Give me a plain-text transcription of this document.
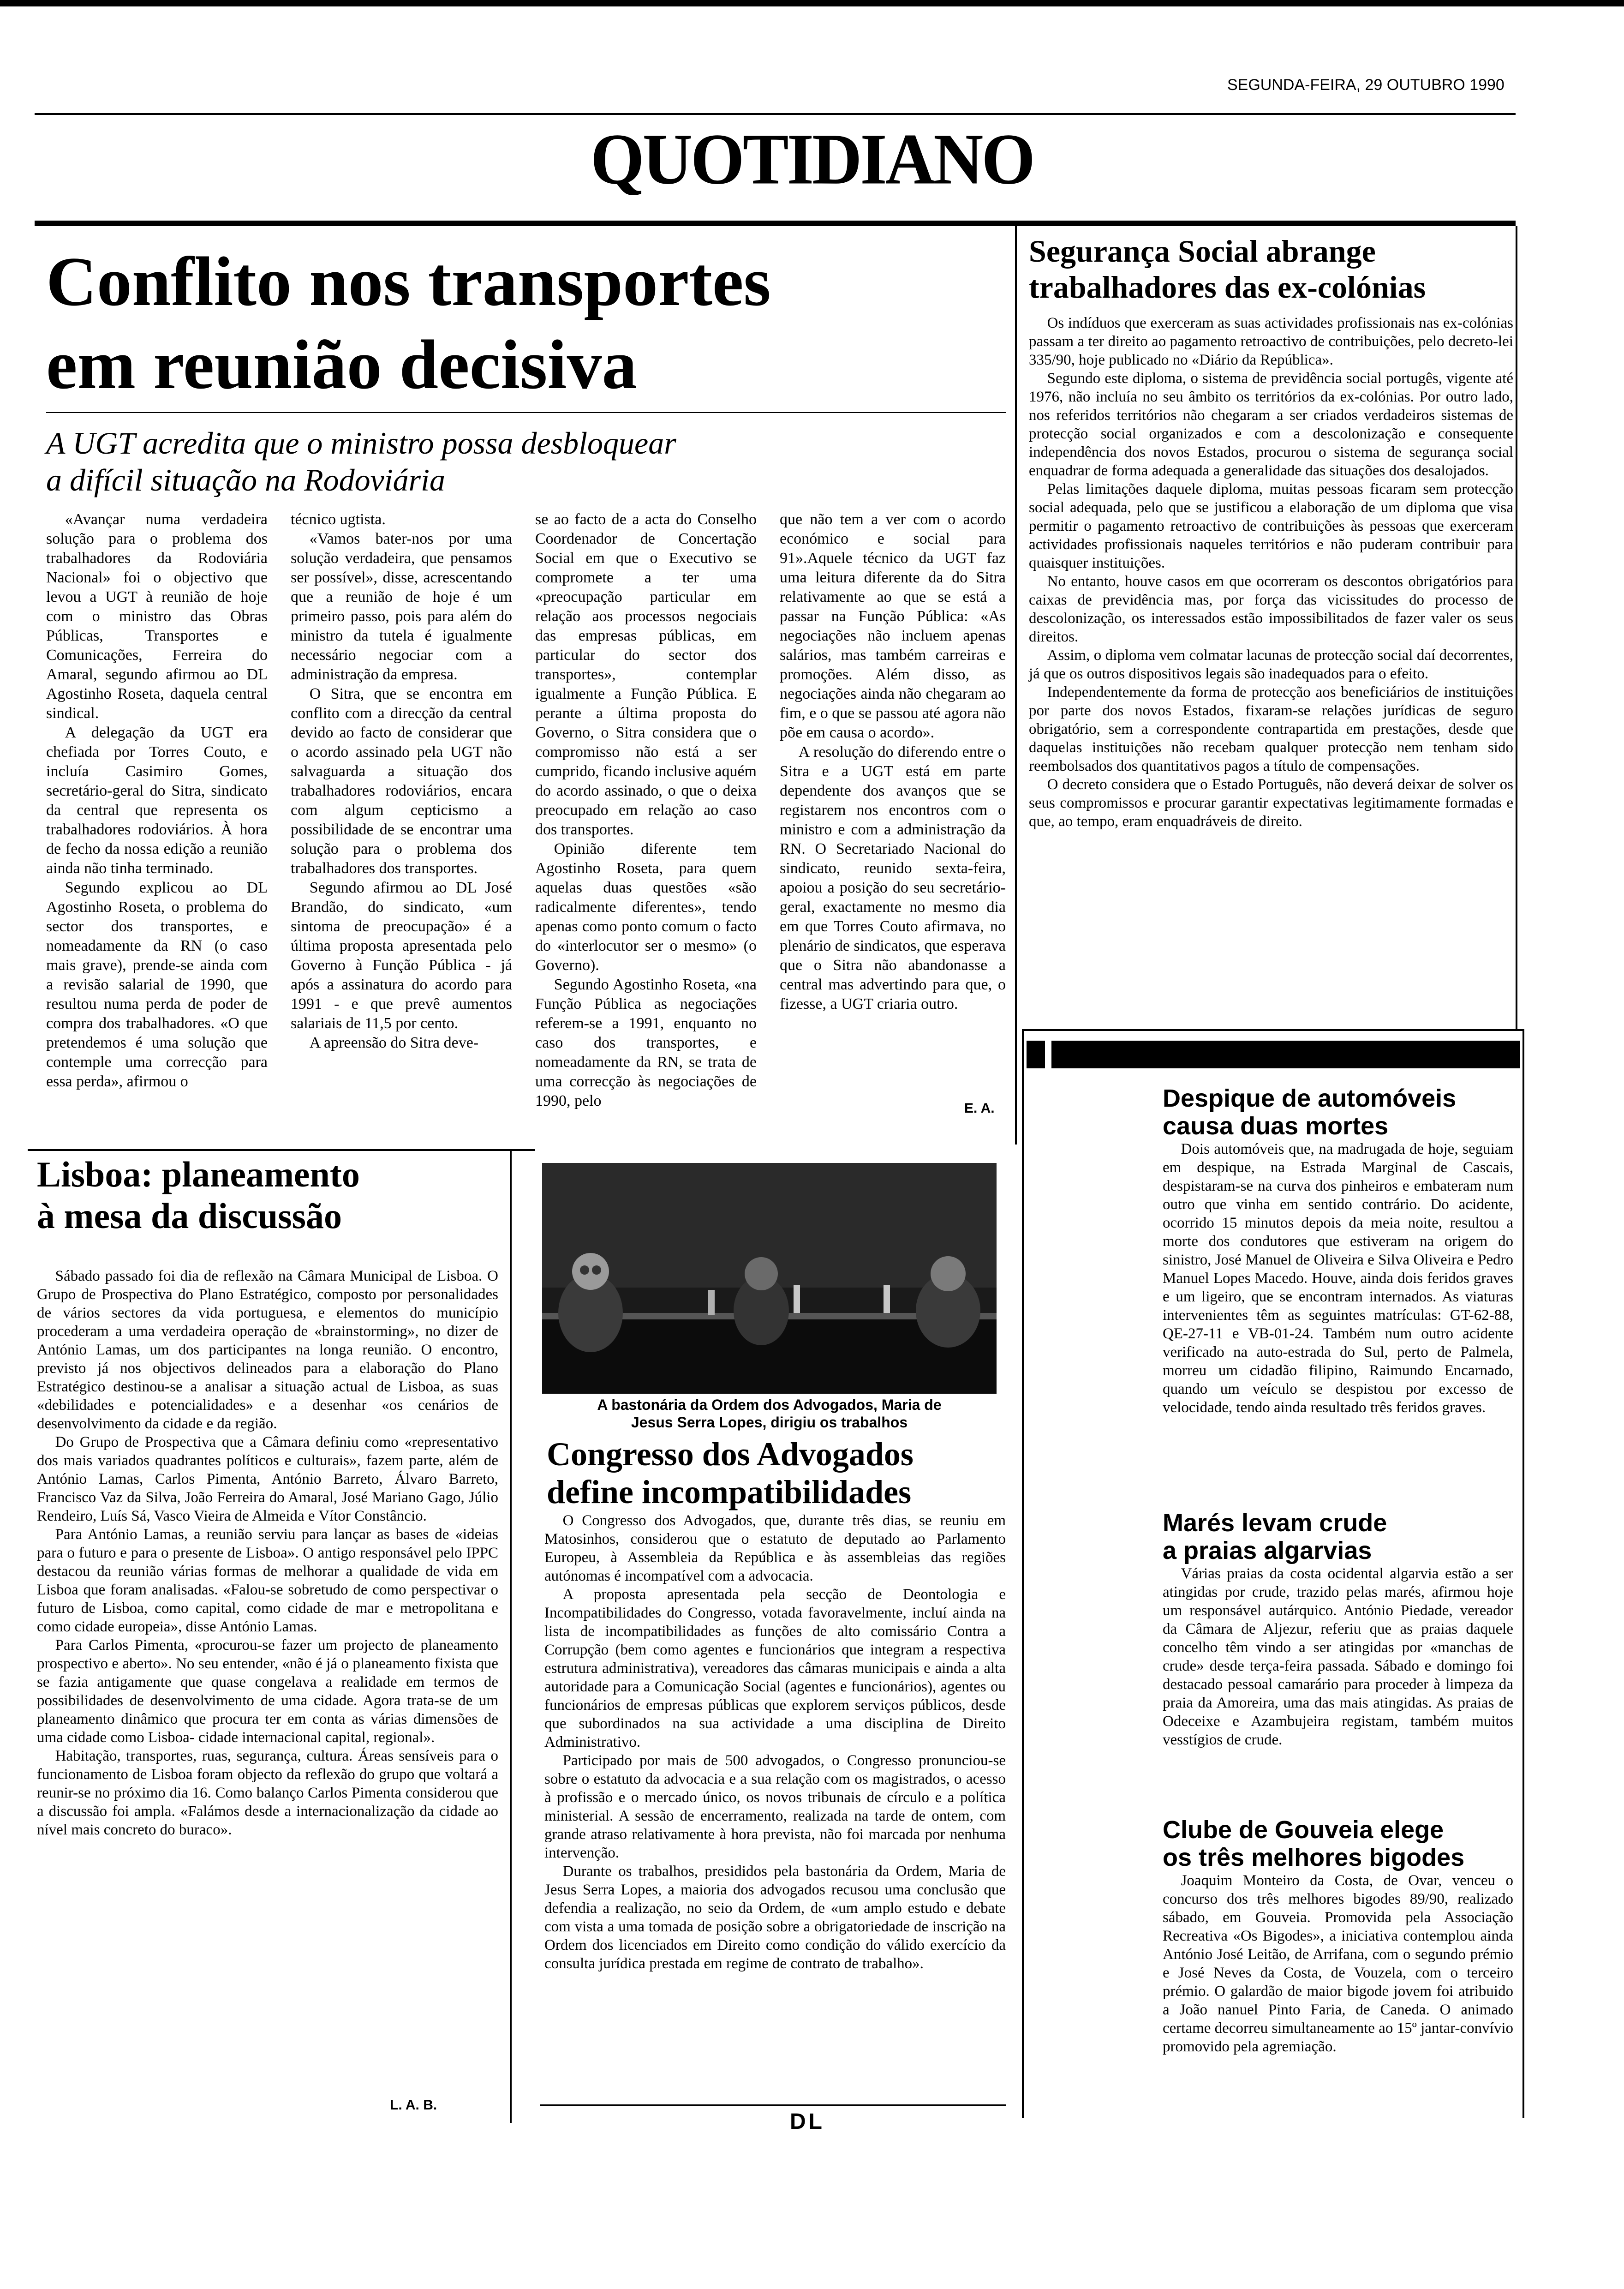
SEGUNDA-FEIRA, 29 OUTUBRO 1990
QUOTIDIANO
Conflito nos transportes
em reunião decisiva
A UGT acredita que o ministro possa desbloquear
a difícil situação na Rodoviária

«Avançar numa verdadeira solução para o problema dos trabalhadores da Rodoviária Nacional» foi o objectivo que levou a UGT à reunião de hoje com o ministro das Obras Públicas, Transportes e Comunicações, Ferreira do Amaral, segundo afirmou ao DL Agostinho Roseta, daquela central sindical.

A delegação da UGT era chefiada por Torres Couto, e incluía Casimiro Gomes, secretário-geral do Sitra, sindicato da central que representa os trabalhadores rodoviários. À hora de fecho da nossa edição a reunião ainda não tinha terminado.

Segundo explicou ao DL Agostinho Roseta, o problema do sector dos transportes, e nomeadamente da RN (o caso mais grave), prende-se ainda com a revisão salarial de 1990, que resultou numa perda de poder de compra dos trabalhadores. «O que pretendemos é uma solução que contemple uma correcção para essa perda», afirmou o

técnico ugtista.

«Vamos bater-nos por uma solução verdadeira, que pensamos ser possível», disse, acrescentando que a reunião de hoje é um primeiro passo, pois para além do ministro da tutela é igualmente necessário negociar com a administração da empresa.

O Sitra, que se encontra em conflito com a direcção da central devido ao facto de considerar que o acordo assinado pela UGT não salvaguarda a situação dos trabalhadores rodoviários, encara com algum cepticismo a possibilidade de se encontrar uma solução para o problema dos trabalhadores dos transportes.

Segundo afirmou ao DL José Brandão, do sindicato, «um sintoma de preocupação» é a última proposta apresentada pelo Governo à Função Pública - já após a assinatura do acordo para 1991 - e que prevê aumentos salariais de 11,5 por cento.

A apreensão do Sitra deve-

se ao facto de a acta do Conselho Coordenador de Concertação Social em que o Executivo se compromete a ter uma «preocupação particular em relação aos processos negociais das empresas públicas, em particular do sector dos transportes», contemplar igualmente a Função Pública. E perante a última proposta do Governo, o Sitra considera que o compromisso não está a ser cumprido, ficando inclusive aquém do acordo assinado, o que o deixa preocupado em relação ao caso dos transportes.

Opinião diferente tem Agostinho Roseta, para quem aquelas duas questões «são radicalmente diferentes», tendo apenas como ponto comum o facto do «interlocutor ser o mesmo» (o Governo).

Segundo Agostinho Roseta, «na Função Pública as negociações referem-se a 1991, enquanto no caso dos transportes, e nomeadamente da RN, se trata de uma correcção às negociações de 1990, pelo

que não tem a ver com o acordo económico e social para 91».Aquele técnico da UGT faz uma leitura diferente da do Sitra relativamente ao que se está a passar na Função Pública: «As negociações não incluem apenas salários, mas também carreiras e promoções. Além disso, as negociações ainda não chegaram ao fim, e o que se passou até agora não põe em causa o acordo».

A resolução do diferendo entre o Sitra e a UGT está em parte dependente dos avanços que se registarem nos encontros com o ministro e com a administração da RN. O Secretariado Nacional do sindicato, reunido sexta-feira, apoiou a posição do seu secretário-geral, exactamente no mesmo dia em que Torres Couto afirmava, no plenário de sindicatos, que esperava que o Sitra não abandonasse a central mas advertindo para que, o fizesse, a UGT criaria outro.

E. A.
Segurança Social abrange
trabalhadores das ex-colónias

Os indíduos que exerceram as suas actividades profissionais nas ex-colónias passam a ter direito ao pagamento retroactivo de contribuições, pelo decreto-lei 335/90, hoje publicado no «Diário da República».

Segundo este diploma, o sistema de previdência social portugês, vigente até 1976, não incluía no seu âmbito os territórios da ex-colónias. Por outro lado, nos referidos territórios não chegaram a ser criados verdadeiros sistemas de protecção social organizados e com a descolonização e consequente independência dos novos Estados, procurou o sistema de segurança social enquadrar de forma adequada a generalidade das situações dos desalojados.

Pelas limitações daquele diploma, muitas pessoas ficaram sem protecção social adequada, pelo que se justificou a elaboração de um diploma que visa permitir o pagamento retroactivo de contribuições às pessoas que exerceram actividades profissionais naqueles territórios e não puderam contribuir para quaisquer instituições.

No entanto, houve casos em que ocorreram os descontos obrigatórios para caixas de previdência mas, por força das vicissitudes do processo de descolonização, os interessados estão impossibilitados de fazer valer os seus direitos.

Assim, o diploma vem colmatar lacunas de protecção social daí decorrentes, já que os outros dispositivos legais são inadequados para o efeito.

Independentemente da forma de protecção aos beneficiários de instituições por parte dos novos Estados, fixaram-se relações jurídicas de seguro obrigatório, sem a correspondente contrapartida em prestações, desde que daquelas instituições não recebam qualquer protecção nem tenham sido reembolsados dos quantitativos pagos a título de compensações.

O decreto considera que o Estado Português, não deverá deixar de solver os seus compromissos e procurar garantir expectativas legitimamente formadas e que, ao tempo, eram enquadráveis de direito.

Lisboa: planeamento
à mesa da discussão

Sábado passado foi dia de reflexão na Câmara Municipal de Lisboa. O Grupo de Prospectiva do Plano Estratégico, composto por personalidades de vários sectores da vida portuguesa, e elementos do município procederam a uma verdadeira operação de «brainstorming», no dizer de António Lamas, um dos participantes na longa reunião. O encontro, previsto já nos objectivos delineados para a elaboração do Plano Estratégico destinou-se a analisar a situação actual de Lisboa, as suas «debilidades e potencialidades» e a desenhar «os cenários de desenvolvimento da cidade e da região.

Do Grupo de Prospectiva que a Câmara definiu como «representativo dos mais variados quadrantes políticos e culturais», fazem parte, além de António Lamas, Carlos Pimenta, António Barreto, Álvaro Barreto, Francisco Vaz da Silva, João Ferreira do Amaral, José Mariano Gago, Júlio Rendeiro, Luís Sá, Vasco Vieira de Almeida e Vítor Constâncio.

Para António Lamas, a reunião serviu para lançar as bases de «ideias para o futuro e para o presente de Lisboa». O antigo responsável pelo IPPC destacou da reunião várias formas de melhorar a qualidade de vida em Lisboa que foram analisadas. «Falou-se sobretudo de como perspectivar o futuro de Lisboa, como capital, como cidade de mar e metropolitana e como cidade europeia», disse António Lamas.

Para Carlos Pimenta, «procurou-se fazer um projecto de planeamento prospectivo e aberto». No seu entender, «não é já o planeamento fixista que se fazia antigamente que quase congelava a realidade em termos de possibilidades de desenvolvimento de uma cidade. Agora trata-se de um planeamento dinâmico que procura ter em conta as várias dimensões de uma cidade como Lisboa- cidade internacional capital, regional».

Habitação, transportes, ruas, segurança, cultura. Áreas sensíveis para o funcionamento de Lisboa foram objecto da reflexão do grupo que voltará a reunir-se no próximo dia 16. Como balanço Carlos Pimenta considerou que a discussão foi ampla. «Falámos desde a internacionalização da cidade ao nível mais concreto do buraco».

L. A. B.
A bastonária da Ordem dos Advogados, Maria de
Jesus Serra Lopes, dirigiu os trabalhos
Congresso dos Advogados
define incompatibilidades

O Congresso dos Advogados, que, durante três dias, se reuniu em Matosinhos, considerou que o estatuto de deputado ao Parlamento Europeu, à Assembleia da República e às assembleias das regiões autónomas é incompatível com a advocacia.

A proposta apresentada pela secção de Deontologia e Incompatibilidades do Congresso, votada favoravelmente, incluí ainda na lista de incompatibilidades as funções de alto comissário Contra a Corrupção (bem como agentes e funcionários que integram a respectiva estrutura administrativa), vereadores das câmaras municipais e ainda a alta autoridade para a Comunicação Social (agentes e funcionários), agentes ou funcionários de empresas públicas que explorem serviços públicos, desde que subordinados na sua actividade a uma disciplina de Direito Administrativo.

Participado por mais de 500 advogados, o Congresso pronunciou-se sobre o estatuto da advocacia e a sua relação com os magistrados, o acesso à profissão e o mercado único, os novos tribunais de círculo e a política ministerial. A sessão de encerramento, realizada na tarde de ontem, com grande atraso relativamente à hora prevista, não foi marcada por nenhuma intervenção.

Durante os trabalhos, presididos pela bastonária da Ordem, Maria de Jesus Serra Lopes, a maioria dos advogados recusou uma conclusão que defendia a realização, no seio da Ordem, de «um amplo estudo e debate com vista a uma tomada de posição sobre a obrigatoriedade de inscrição na Ordem dos licenciados em Direito como condição do válido exercício da consulta jurídica prestada em regime de contrato de trabalho».

Despique de automóveis
causa duas mortes

Dois automóveis que, na madrugada de hoje, seguiam em despique, na Estrada Marginal de Cascais, despistaram-se na curva dos pinheiros e embateram num outro que vinha em sentido contrário. Do acidente, ocorrido 15 minutos depois da meia noite, resultou a morte dos condutores que estiveram na origem do sinistro, José Manuel de Oliveira e Silva Oliveira e Pedro Manuel Lopes Macedo. Houve, ainda dois feridos graves e um ligeiro, que se encontram internados. As viaturas intervenientes têm as seguintes matrículas: GT-62-88, QE-27-11 e VB-01-24. Também num outro acidente verificado na auto-estrada do Sul, perto de Palmela, morreu um cidadão filipino, Raimundo Encarnado, quando um veículo se despistou por excesso de velocidade, tendo ainda resultado três feridos graves.

Marés levam crude
a praias algarvias

Várias praias da costa ocidental algarvia estão a ser atingidas por crude, trazido pelas marés, afirmou hoje um responsável autárquico. António Piedade, vereador da Câmara de Aljezur, referiu que as praias daquele concelho têm vindo a ser atingidas por «manchas de crude» desde terça-feira passada. Sábado e domingo foi destacado pessoal camarário para proceder à limpeza da praia da Amoreira, uma das mais atingidas. As praias de Odeceixe e Azambujeira registam, também muitos vesstígios de crude.

Clube de Gouveia elege
os três melhores bigodes

Joaquim Monteiro da Costa, de Ovar, venceu o concurso dos três melhores bigodes 89/90, realizado sábado, em Gouveia. Promovida pela Associação Recreativa «Os Bigodes», a iniciativa contemplou ainda António José Leitão, de Arrifana, com o segundo prémio e José Neves da Costa, de Vouzela, com o terceiro prémio. O galardão de maior bigode jovem foi atribuido a João nanuel Pinto Faria, de Caneda. O animado certame decorreu simultaneamente ao 15º jantar-convívio promovido pela agremiação.

DL
